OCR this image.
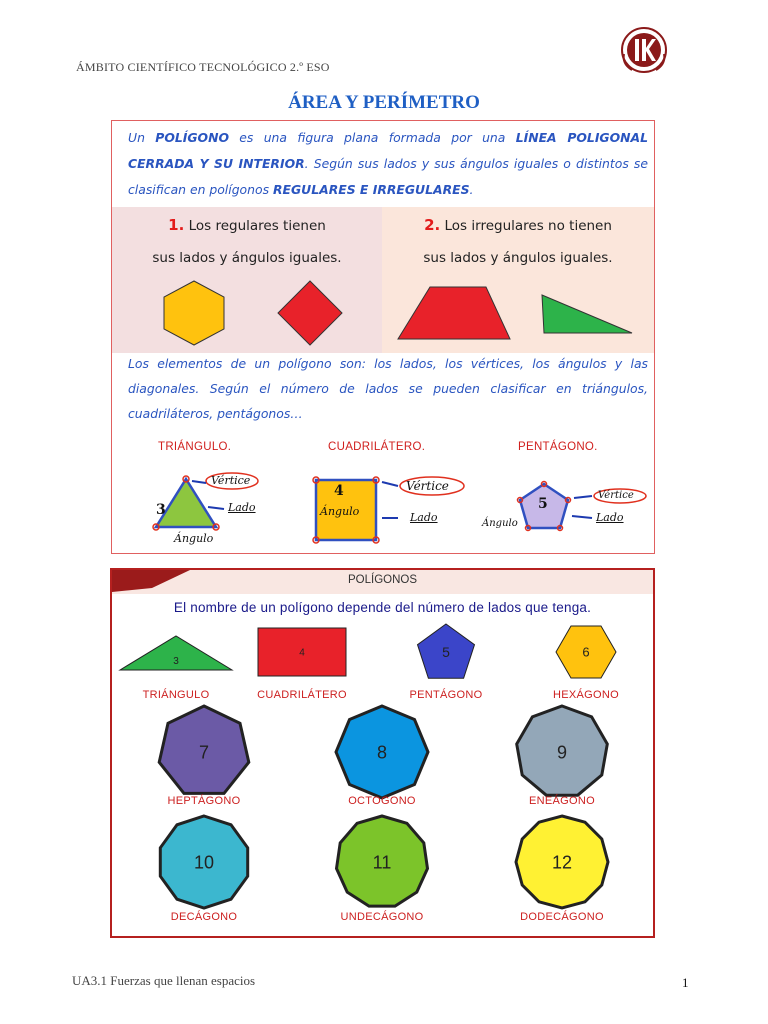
ÁMBITO CIENTÍFICO TECNOLÓGICO 2.º ESO
ÁREA Y PERÍMETRO
Un POLÍGONO es una figura plana formada por una LÍNEA POLIGONAL CERRADA Y SU INTERIOR. Según sus lados y sus ángulos iguales o distintos se clasifican en polígonos REGULARES E IRREGULARES.
1. Los regulares tienen
sus lados y ángulos iguales.
2. Los irregulares no tienen
sus lados y ángulos iguales.
Los elementos de un polígono son: los lados, los vértices, los ángulos y las diagonales. Según el número de lados se pueden clasificar en triángulos, cuadriláteros, pentágonos…
TRIÁNGULO.	CUADRILÁTERO.	PENTÁGONO.
3
Vértice
Lado
Ángulo
4
Ángulo
Vértice
Lado
5
Vértice
Lado
Ángulo
POLÍGONOS
El nombre de un polígono depende del número de lados que tenga.
3
TRIÁNGULO
4
CUADRILÁTERO
5
PENTÁGONO
6
HEXÁGONO
7
HEPTÁGONO
8
OCTOGONO
9
ENEÁGONO
10
DECÁGONO
11
UNDECÁGONO
12
DODECÁGONO
UA3.1 Fuerzas que llenan espacios	1
